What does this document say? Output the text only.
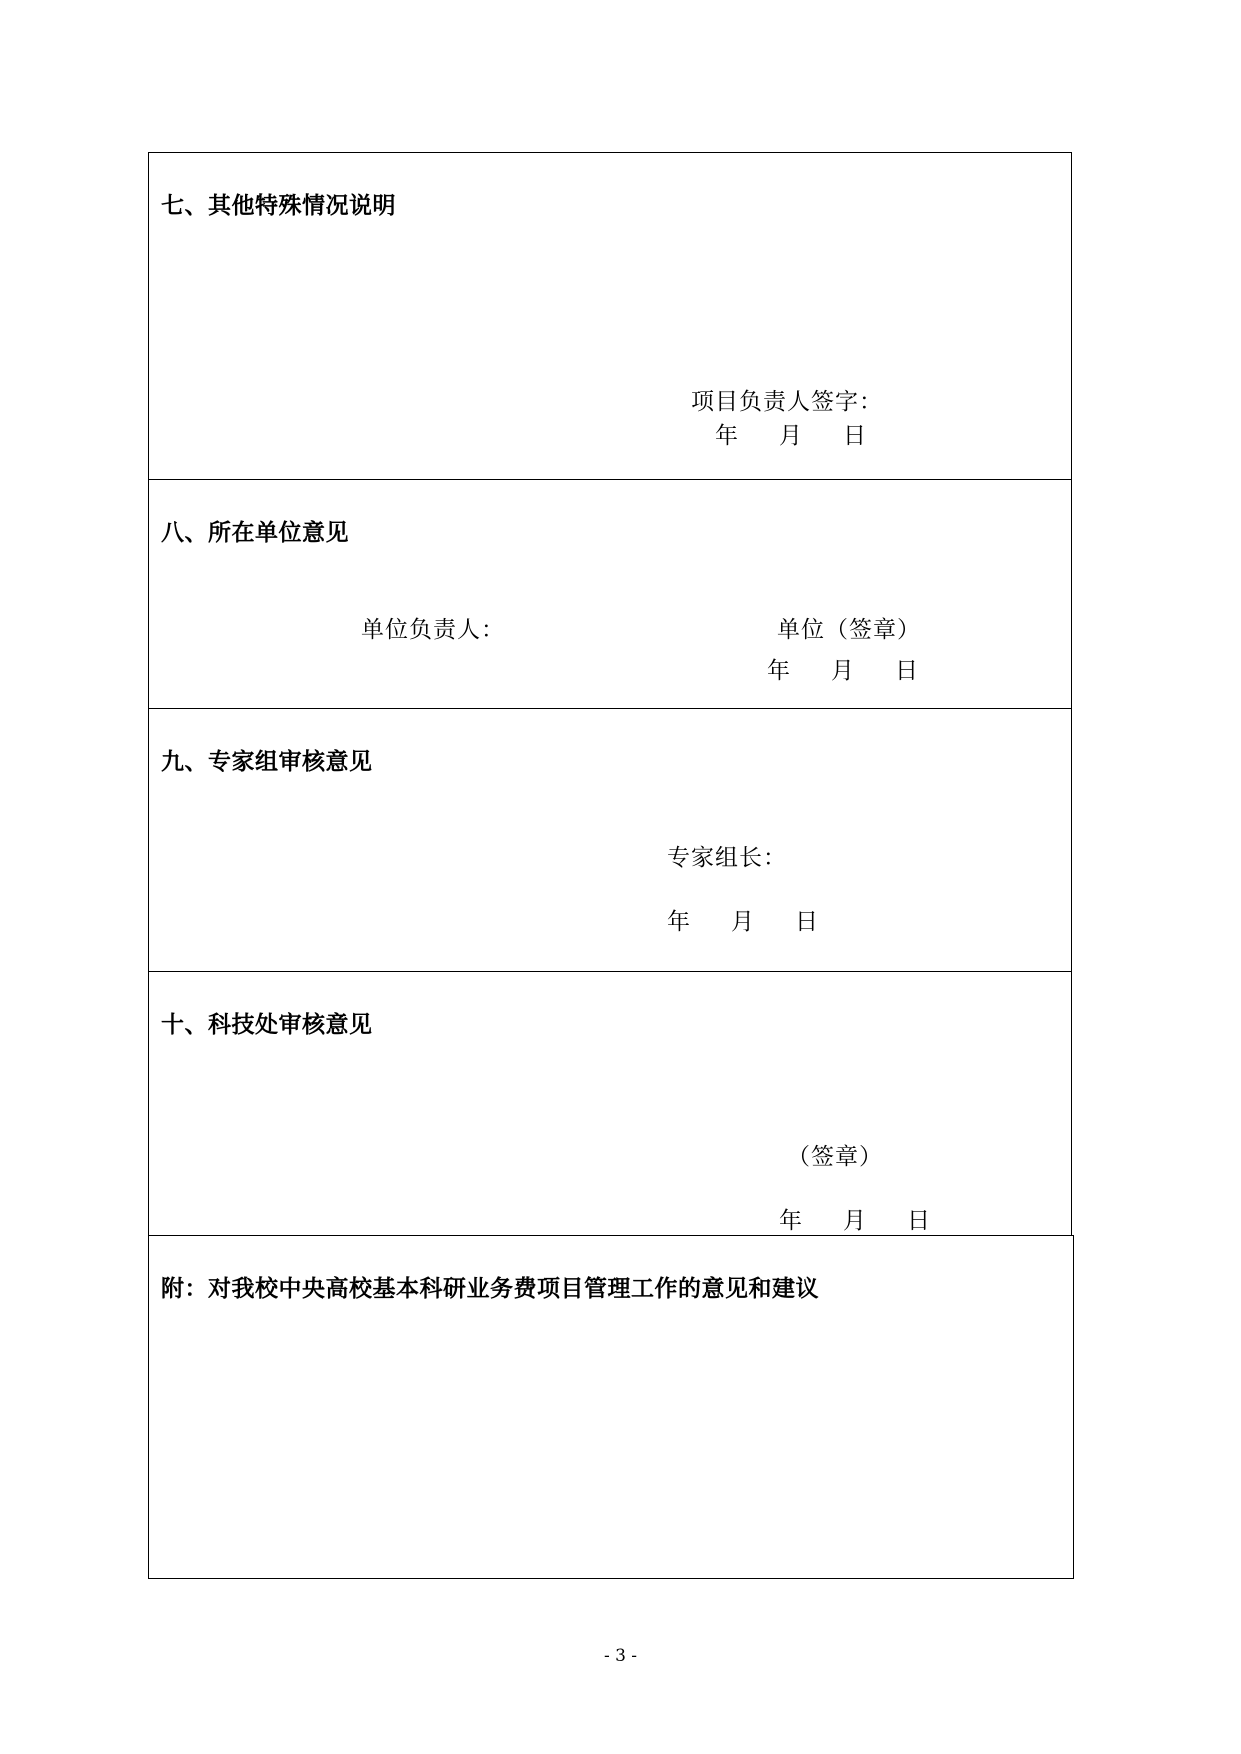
七、其他特殊情况说明
项目负责人签字：
年 月 日
八、所在单位意见
单位负责人：	单位（签章）
年 月 日
九、专家组审核意见
专家组长：
年 月 日
十、科技处审核意见
（签章）
年 月 日
附：对我校中央高校基本科研业务费项目管理工作的意见和建议
- 3 -
